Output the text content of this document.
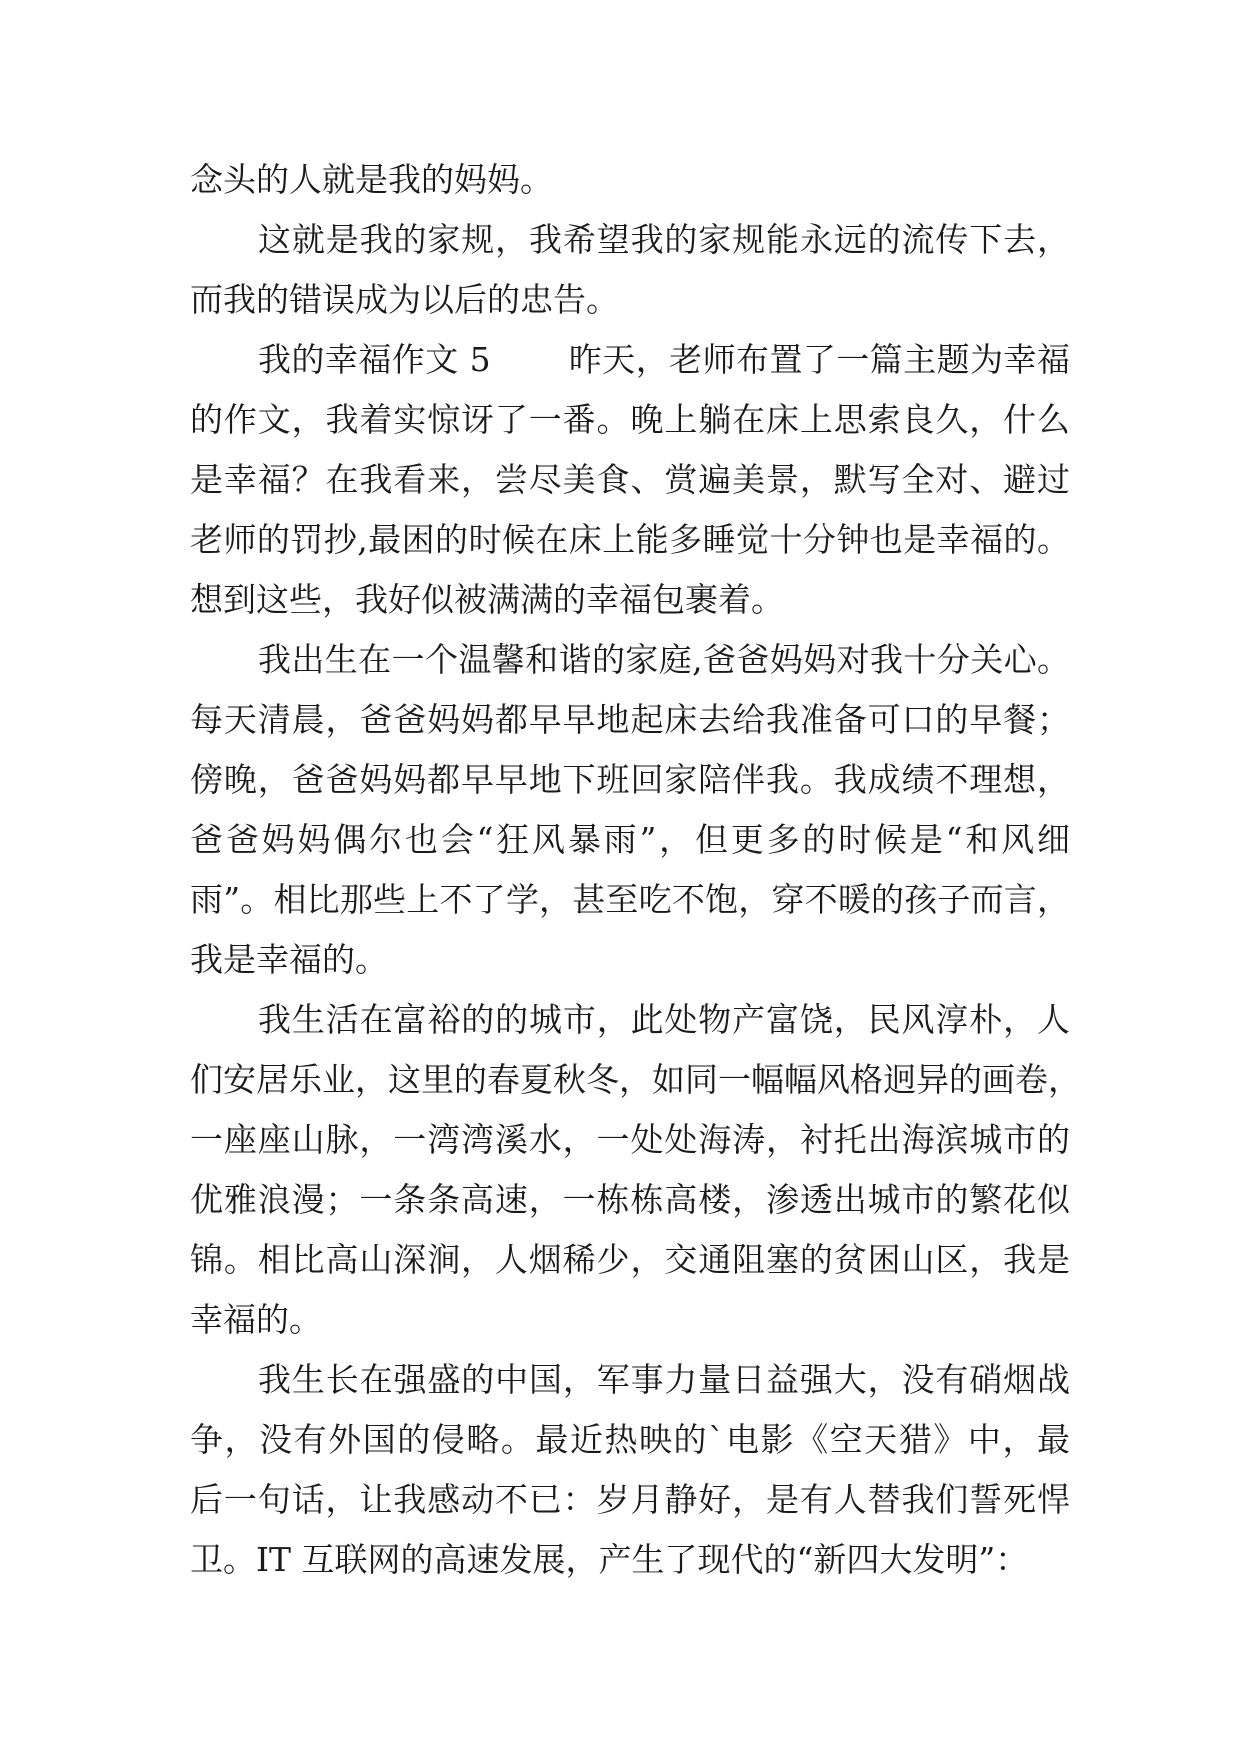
念头的人就是我的妈妈。
这就是我的家规，我希望我的家规能永远的流传下去，
而我的错误成为以后的忠告。
我的幸福作文 5　　 昨天，老师布置了一篇主题为幸福
的作文，我着实惊讶了一番。晚上躺在床上思索良久，什么
是幸福？在我看来，尝尽美食、赏遍美景，默写全对、避过
老师的罚抄,最困的时候在床上能多睡觉十分钟也是幸福的。
想到这些，我好似被满满的幸福包裹着。
我出生在一个温馨和谐的家庭,爸爸妈妈对我十分关心。
每天清晨，爸爸妈妈都早早地起床去给我准备可口的早餐；
傍晚，爸爸妈妈都早早地下班回家陪伴我。我成绩不理想，
爸爸妈妈偶尔也会“狂风暴雨”，但更多的时候是“和风细
雨”。相比那些上不了学，甚至吃不饱，穿不暖的孩子而言，
我是幸福的。
我生活在富裕的的城市，此处物产富饶，民风淳朴，人
们安居乐业，这里的春夏秋冬，如同一幅幅风格迥异的画卷，
一座座山脉，一湾湾溪水，一处处海涛，衬托出海滨城市的
优雅浪漫；一条条高速，一栋栋高楼，渗透出城市的繁花似
锦。相比高山深涧，人烟稀少，交通阻塞的贫困山区，我是
幸福的。
我生长在强盛的中国，军事力量日益强大，没有硝烟战
争，没有外国的侵略。最近热映的`电影《空天猎》中，最
后一句话，让我感动不已：岁月静好，是有人替我们誓死悍
卫。IT 互联网的高速发展，产生了现代的“新四大发明”：
